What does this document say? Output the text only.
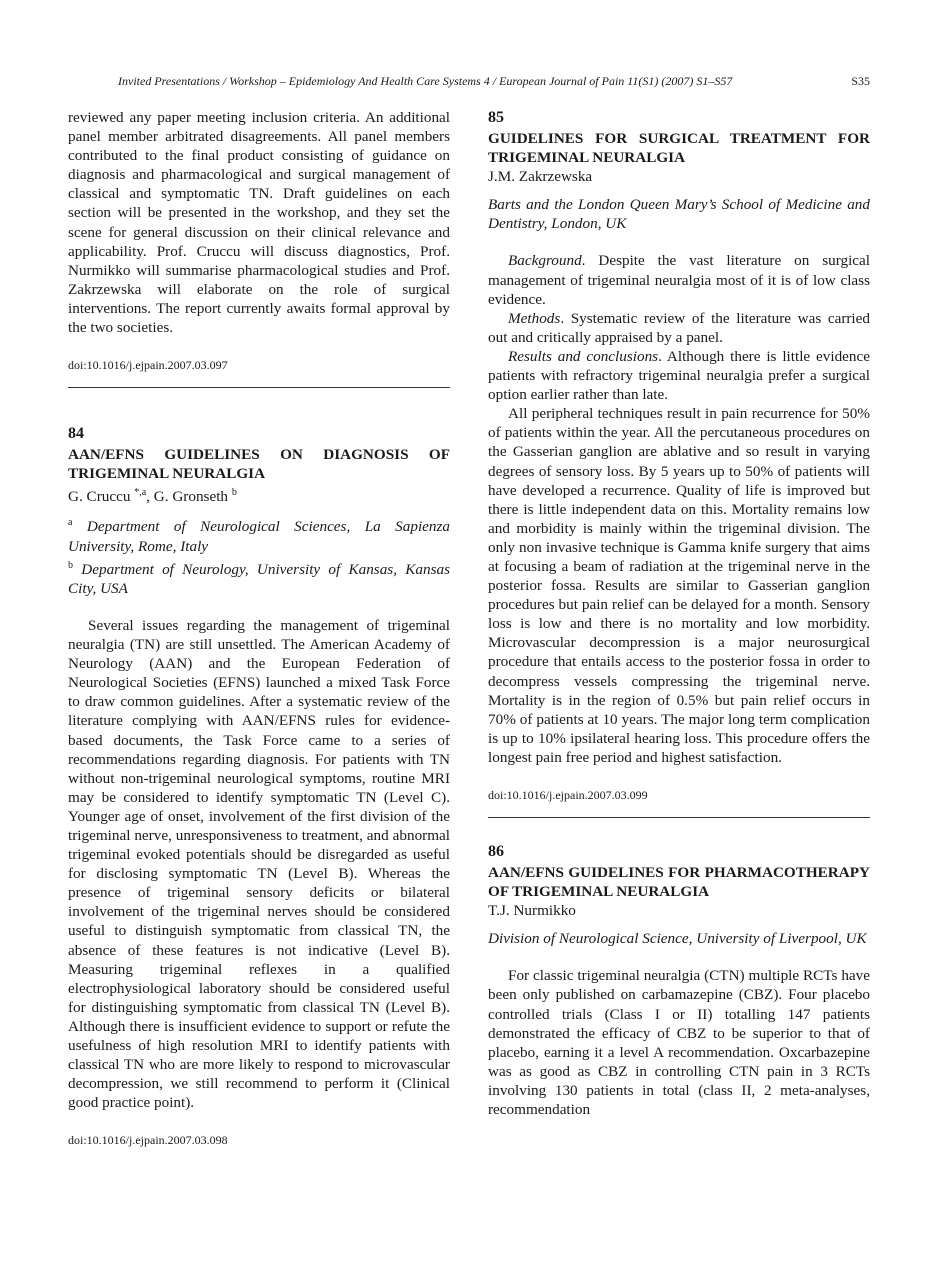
Invited Presentations / Workshop – Epidemiology And Health Care Systems 4 / European Journal of Pain 11(S1) (2007) S1–S57	S35

reviewed any paper meeting inclusion criteria. An additional panel member arbitrated disagreements. All panel members contributed to the final product consisting of guidance on diagnosis and pharmacological and surgical management of classical and symptomatic TN. Draft guidelines on each section will be presented in the workshop, and they set the scene for general discussion on their clinical relevance and applicability. Prof. Cruccu will discuss diagnostics, Prof. Nurmikko will summarise pharmacological studies and Prof. Zakrzewska will elaborate on the role of surgical interventions. The report currently awaits formal approval by the two societies.

doi:10.1016/j.ejpain.2007.03.097
84
AAN/EFNS GUIDELINES ON DIAGNOSIS OF TRIGEMINAL NEURALGIA
G. Cruccu $^{*,a}$, G. Gronseth $^b$
$^a$ Department of Neurological Sciences, La Sapienza University, Rome, Italy
$^b$ Department of Neurology, University of Kansas, Kansas City, USA

Several issues regarding the management of trigeminal neuralgia (TN) are still unsettled. The American Academy of Neurology (AAN) and the European Federation of Neurological Societies (EFNS) launched a mixed Task Force to draw common guidelines. After a systematic review of the literature complying with AAN/EFNS rules for evidence-based documents, the Task Force came to a series of recommendations regarding diagnosis. For patients with TN without non-trigeminal neurological symptoms, routine MRI may be considered to identify symptomatic TN (Level C). Younger age of onset, involvement of the first division of the trigeminal nerve, unresponsiveness to treatment, and abnormal trigeminal evoked potentials should be disregarded as useful for disclosing symptomatic TN (Level B). Whereas the presence of trigeminal sensory deficits or bilateral involvement of the trigeminal nerves should be considered useful to distinguish symptomatic from classical TN, the absence of these features is not indicative (Level B). Measuring trigeminal reflexes in a qualified electrophysiological laboratory should be considered useful for distinguishing symptomatic from classical TN (Level B). Although there is insufficient evidence to support or refute the usefulness of high resolution MRI to identify patients with classical TN who are more likely to respond to microvascular decompression, we still recommend to perform it (Clinical good practice point).

doi:10.1016/j.ejpain.2007.03.098
85
GUIDELINES FOR SURGICAL TREATMENT FOR TRIGEMINAL NEURALGIA
J.M. Zakrzewska
Barts and the London Queen Mary’s School of Medicine and Dentistry, London, UK

Background. Despite the vast literature on surgical management of trigeminal neuralgia most of it is of low class evidence.

Methods. Systematic review of the literature was carried out and critically appraised by a panel.

Results and conclusions. Although there is little evidence patients with refractory trigeminal neuralgia prefer a surgical option earlier rather than late.

All peripheral techniques result in pain recurrence for 50% of patients within the year. All the percutaneous procedures on the Gasserian ganglion are ablative and so result in varying degrees of sensory loss. By 5 years up to 50% of patients will have developed a recurrence. Quality of life is improved but there is little independent data on this. Mortality remains low and morbidity is mainly within the trigeminal division. The only non invasive technique is Gamma knife surgery that aims at focusing a beam of radiation at the trigeminal nerve in the posterior fossa. Results are similar to Gasserian ganglion procedures but pain relief can be delayed for a month. Sensory loss is low and there is no mortality and low morbidity. Microvascular decompression is a major neurosurgical procedure that entails access to the posterior fossa in order to decompress vessels compressing the trigeminal nerve. Mortality is in the region of 0.5% but pain relief occurs in 70% of patients at 10 years. The major long term complication is up to 10% ipsilateral hearing loss. This procedure offers the longest pain free period and highest satisfaction.

doi:10.1016/j.ejpain.2007.03.099
86
AAN/EFNS GUIDELINES FOR PHARMACOTHERAPY OF TRIGEMINAL NEURALGIA
T.J. Nurmikko
Division of Neurological Science, University of Liverpool, UK

For classic trigeminal neuralgia (CTN) multiple RCTs have been only published on carbamazepine (CBZ). Four placebo controlled trials (Class I or II) totalling 147 patients demonstrated the efficacy of CBZ to be superior to that of placebo, earning it a level A recommendation. Oxcarbazepine was as good as CBZ in controlling CTN pain in 3 RCTs involving 130 patients in total (class II, 2 meta-analyses, recommendation
